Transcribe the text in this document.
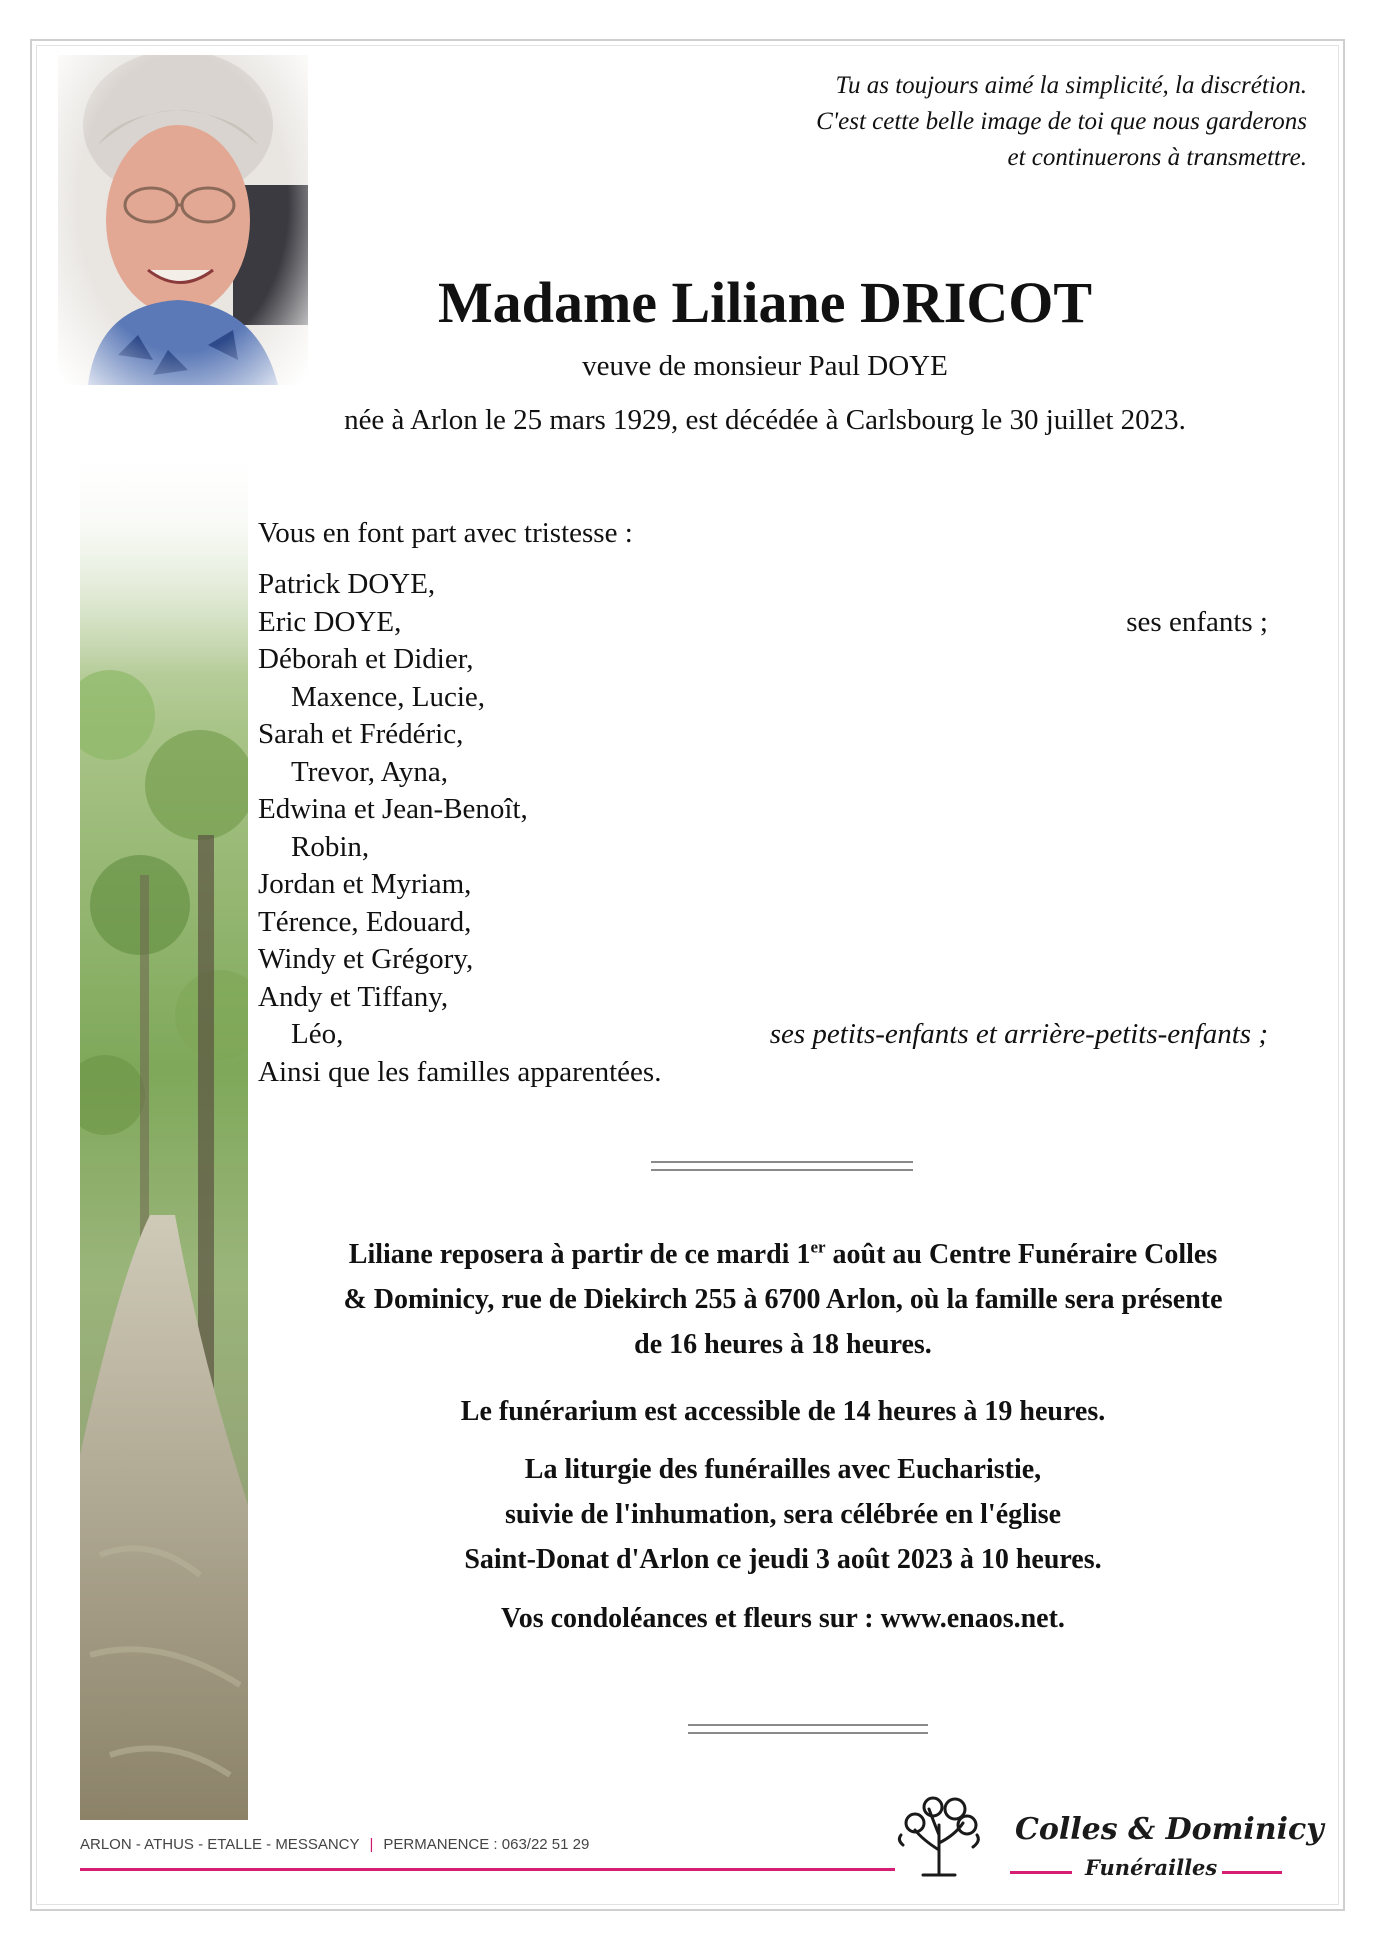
Tu as toujours aimé la simplicité, la discrétion.
C'est cette belle image de toi que nous garderons
et continuerons à transmettre.
Madame Liliane DRICOT
veuve de monsieur Paul DOYE
née à Arlon le 25 mars 1929, est décédée à Carlsbourg le 30 juillet 2023.
Vous en font part avec tristesse :
Patrick DOYE,
Eric DOYE,	ses enfants ;
Déborah et Didier,
Maxence, Lucie,
Sarah et Frédéric,
Trevor, Ayna,
Edwina et Jean-Benoît,
Robin,
Jordan et Myriam,
Térence, Edouard,
Windy et Grégory,
Andy et Tiffany,
Léo,	ses petits-enfants et arrière-petits-enfants ;
Ainsi que les familles apparentées.
Liliane reposera à partir de ce mardi 1er août au Centre Funéraire Colles
& Dominicy, rue de Diekirch 255 à 6700 Arlon, où la famille sera présente
de 16 heures à 18 heures.
Le funérarium est accessible de 14 heures à 19 heures.
La liturgie des funérailles avec Eucharistie,
suivie de l'inhumation, sera célébrée en l'église
Saint-Donat d'Arlon ce jeudi 3 août 2023 à 10 heures.
Vos condoléances et fleurs sur : www.enaos.net.
ARLON - ATHUS - ETALLE - MESSANCY | PERMANENCE : 063/22 51 29	Colles & Dominicy
Funérailles
